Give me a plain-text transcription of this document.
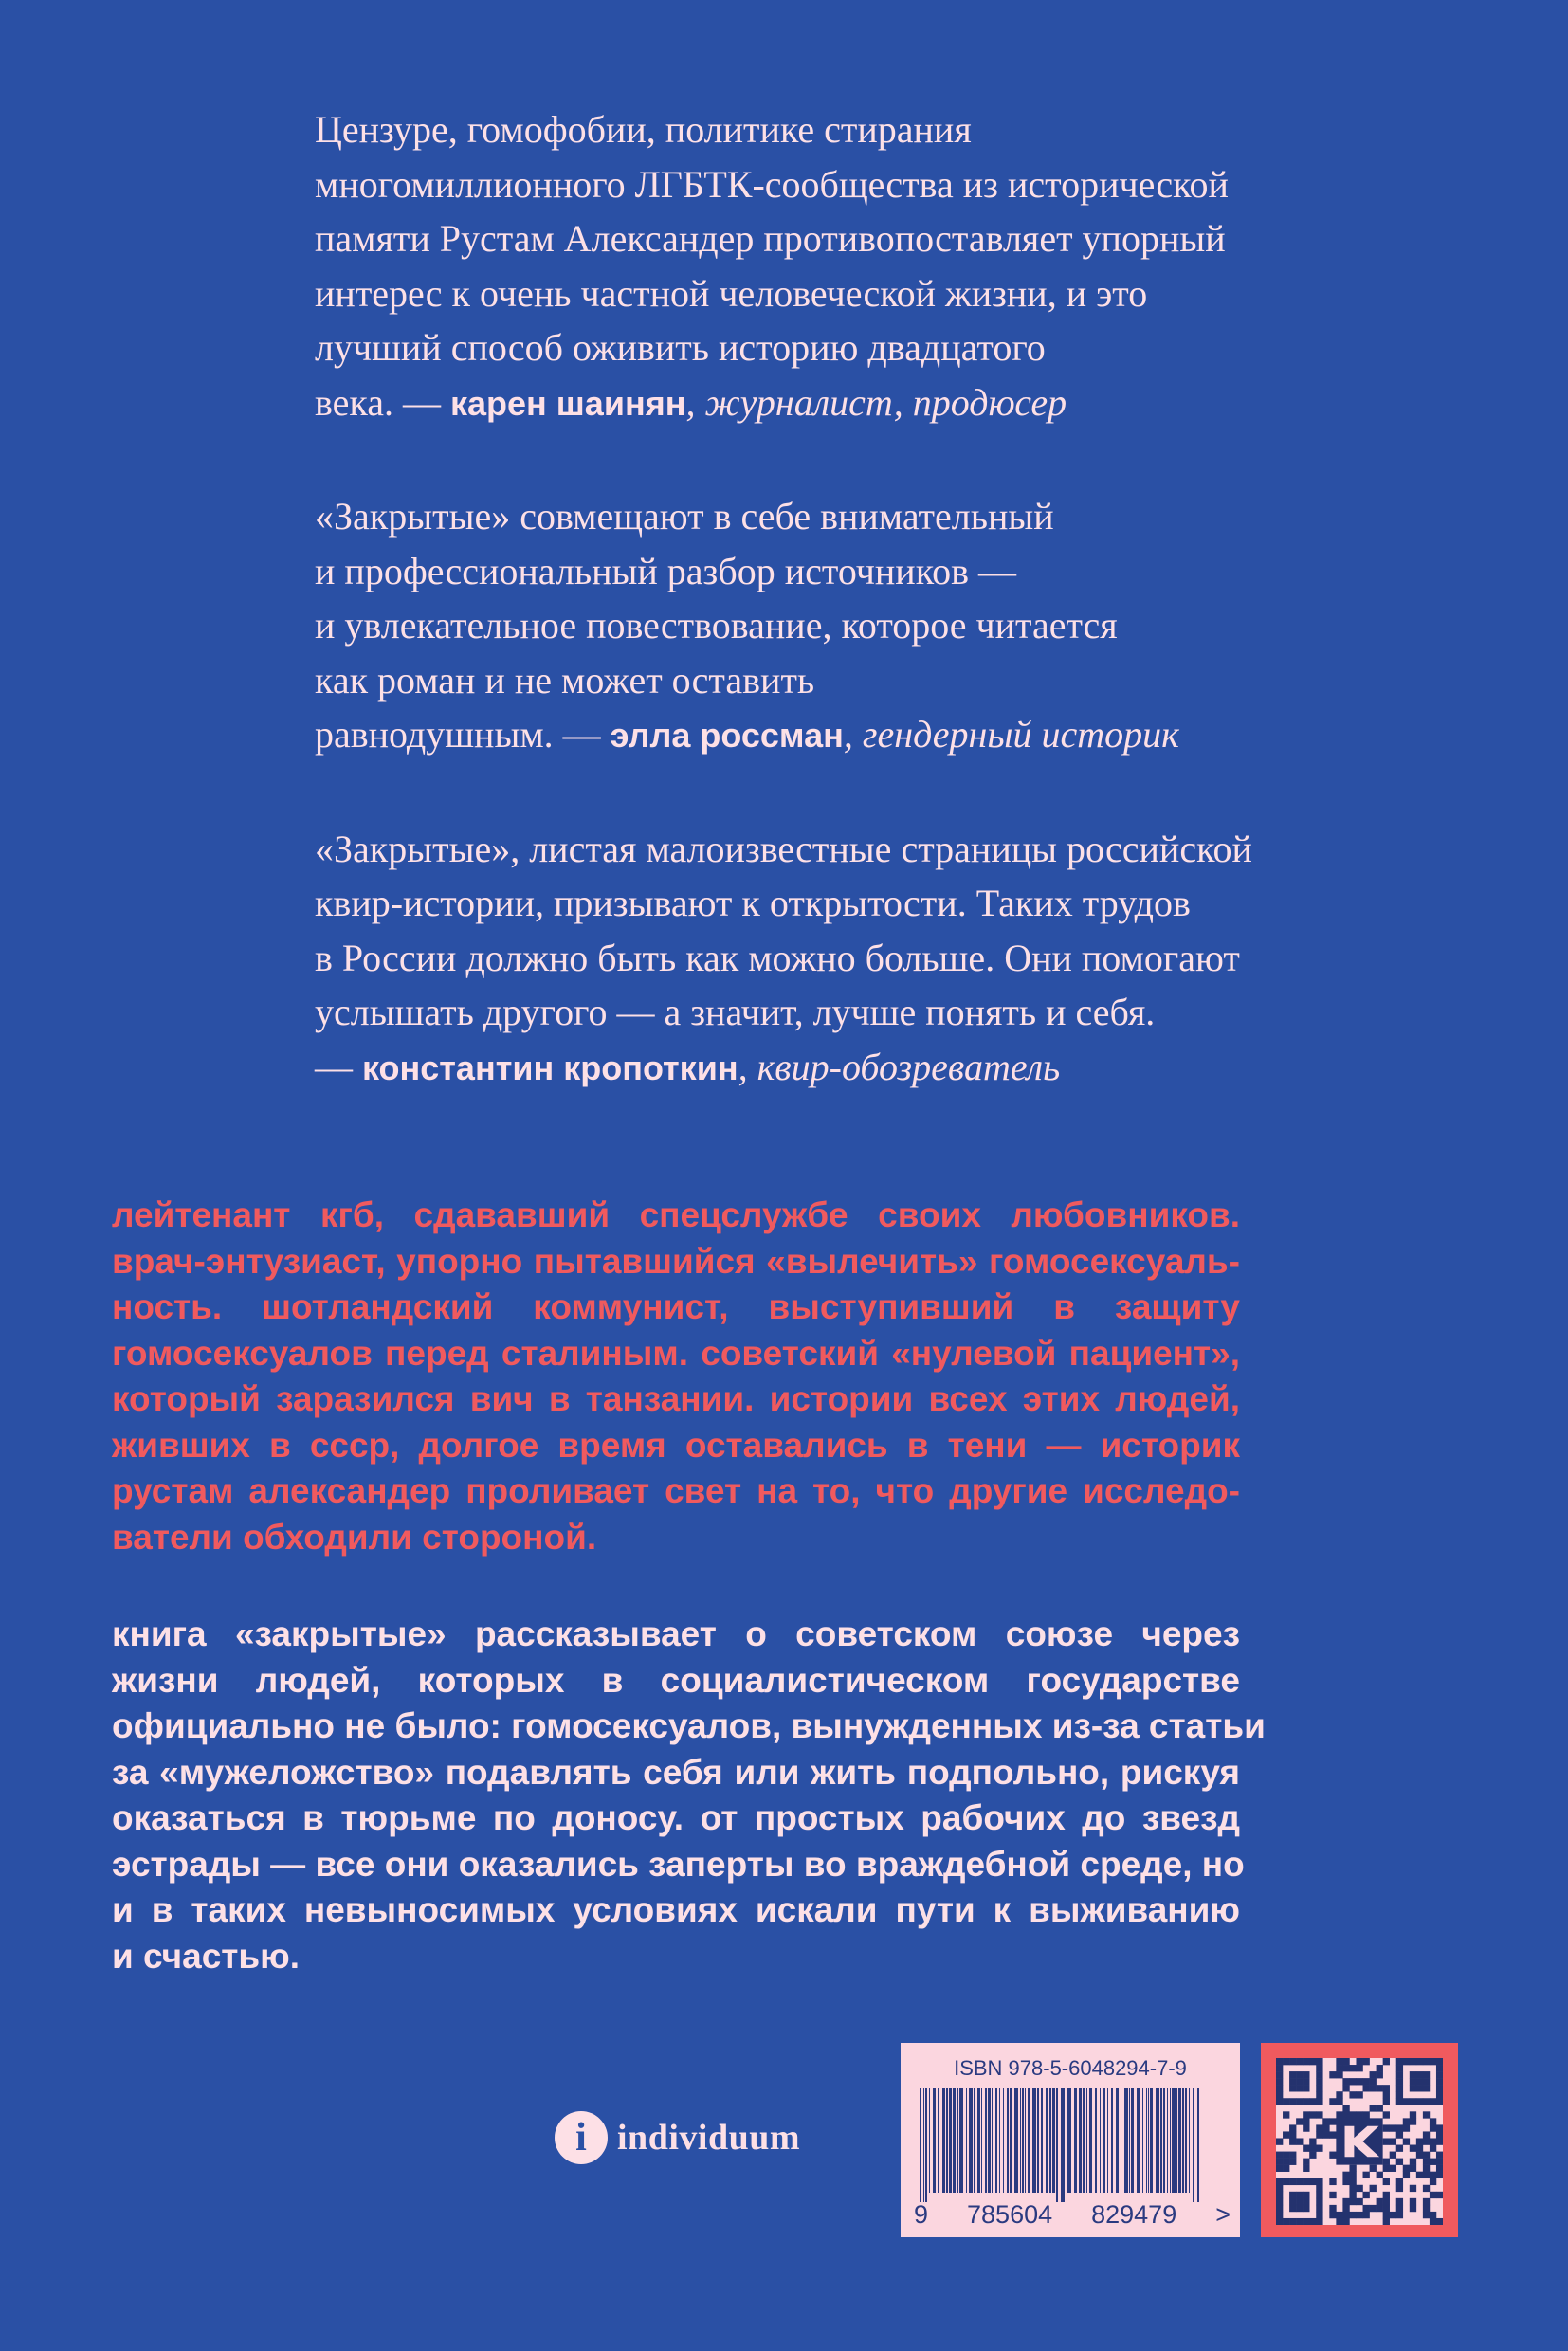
Цензуре, гомофобии, политике стирания
многомиллионного ЛГБТК-сообщества из исторической
памяти Рустам Александер противопоставляет упорный
интерес к очень частной человеческой жизни, и это
лучший способ оживить историю двадцатого
века. — карен шаинян, журналист, продюсер
«Закрытые» совмещают в себе внимательный
и профессиональный разбор источников —
и увлекательное повествование, которое читается
как роман и не может оставить
равнодушным. — элла россман, гендерный историк
«Закрытые», листая малоизвестные страницы российской
квир-истории, призывают к открытости. Таких трудов
в России должно быть как можно больше. Они помогают
услышать другого — а значит, лучше понять и себя.
— константин кропоткин, квир-обозреватель
лейтенант кгб, сдававший спецслужбе своих любовников.
врач-энтузиаст, упорно пытавшийся «вылечить» гомосексуаль-
ность. шотландский коммунист, выступивший в защиту
гомосексуалов перед сталиным. советский «нулевой пациент»,
который заразился вич в танзании. истории всех этих людей,
живших в ссср, долгое время оставались в тени — историк
рустам александер проливает свет на то, что другие исследо-
ватели обходили стороной.
книга «закрытые» рассказывает о советском союзе через
жизни людей, которых в социалистическом государстве
официально не было: гомосексуалов, вынужденных из-за статьи
за «мужеложство» подавлять себя или жить подпольно, рискуя
оказаться в тюрьме по доносу. от простых рабочих до звезд
эстрады — все они оказались заперты во враждебной среде, но
и в таких невыносимых условиях искали пути к выживанию
и счастью.
i individuum
ISBN 978-5-6048294-7-9
9 785604 829479 >
